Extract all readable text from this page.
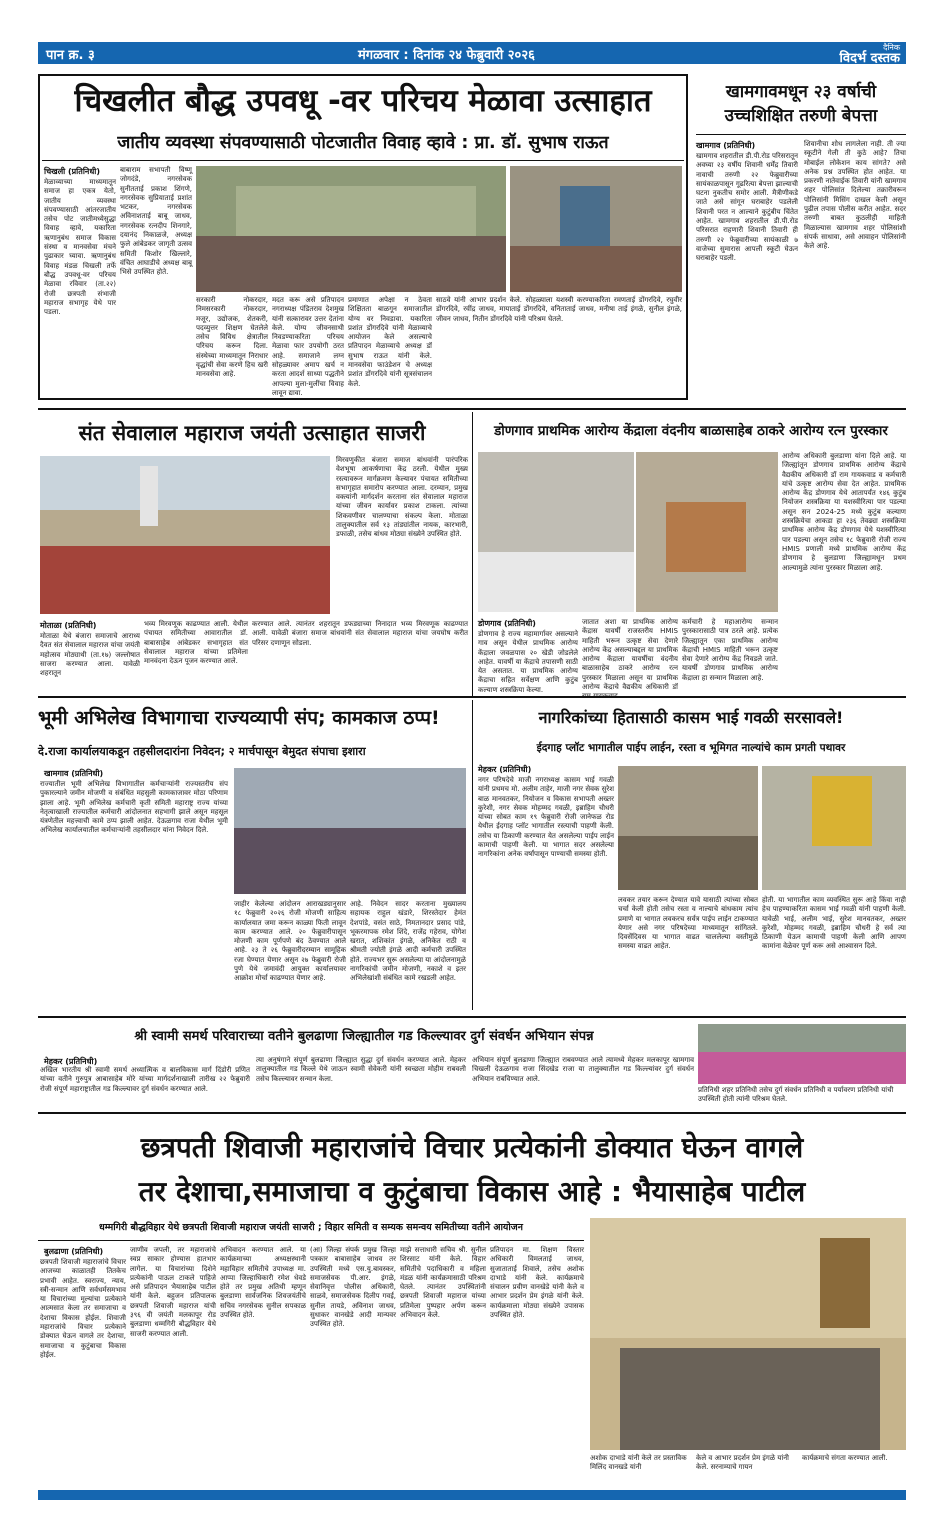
पान क्र. ३	मंगळवार : दिनांक २४ फेब्रुवारी २०२६
दैनिक
विदर्भ दस्तक
चिखलीत बौद्ध उपवधू -वर परिचय मेळावा उत्साहात
जातीय व्यवस्था संपवण्यासाठी पोटजातीत विवाह व्हावे : प्रा. डॉ. सुभाष राऊत
चिखली (प्रतिनिधी)
मेळाव्याच्या माध्यमातून समाज हा एकत्र येतो, जातीय व्यवस्था संपवण्यासाठी आंतरजातीय तसेच पोट जातीमध्येसुद्धा विवाह व्हावे, यकारिता ऋणानुबंध समाज विकास संस्था व मानवसेवा मंचने पुढाकार घ्यावा. ऋणानुबंध विवाह मंडळ चिखली तर्फे बौद्ध उपवधू-वर परिचय मेळावा रविवार (ता.२२) रोजी छत्रपती संभाजी महाराज सभागृह येथे पार पडला.
बाबाराम सभापती विष्णू जोगदंडे, नगरसेवक सुनीतताई प्रकाश शिंगणे, नगरसेवक सुप्रियाताई प्रशांत भटकर, नगरसेवक अविनाशताई बाबू जाधव, नगरसेवक रत्नदीप शिनगारे, दयानंद निकाळजे, अध्यक्ष फुले आंबेडकर जागृती उत्सव समिती किशोर खिल्लारे, वंचित आघाडीचे अध्यक्ष बाबू भिसे उपस्थित होते.
सरकारी नोकरदार, निमसरकारी नोकरदार, मजूर, उद्योजक, शेतकरी, पदव्युत्तर शिक्षण घेतलेले तसेच विविध क्षेत्रातील परिचय करून दिला. संस्थेच्या माध्यमातून निराधार वृद्धांची सेवा करणे हिच खरी मानवसेवा आहे.
मदत करू असे प्रतिपादन नगराध्यक्ष पंडितराव देशमुख यांनी सत्कारावर उत्तर देतांना केले. योग्य जीवनसाथी निवडण्याकरिता परिचय मेळावा फार उपयोगी ठरत आहे. समाजाने लग्न सोहळ्यावर अमाप खर्च न करता आदर्श साध्या पद्धतीने आपल्या मुला-मुलींचा विवाह लावून द्यावा.
प्रमाणात अपेक्षा न ठेवता शिक्षितता बाळगून समाजातील योग्य वर निवडावा. यकारिता प्रशांत डोंगरदिवे यांनी मेळाव्याचे आयोजन केले असल्याचे प्रतिपादन मेळाव्याचे अध्यक्ष डॉ सुभाष राऊत यांनी केले. मानवसेवा फाउंडेशन चे अध्यक्ष प्रशांत डोंगरदिवे यांनी सूत्रसंचालन केले.
साठवे यांनी आभार प्रदर्शन केले. सोहळ्याला यशस्वी करण्याकरिता रमणताई डोंगरदिवे, रघुवीर डोंगरदिवे, रवींद्र जाधव, मायाताई डोंगरदिवे, वनिताताई जाधव, मनीषा ताई इंगळे, सुनील इंगळे, जीवन जाधव, नितीन डोंगरदिवे यांनी परिश्रम घेतले.
खामगावमधून २३ वर्षाची उच्चशिक्षित तरुणी बेपत्ता
खामगाव (प्रतिनिधी)
खामगाव शहरातील डी.पी.रोड परिसरातून अवघ्या २३ वर्षीय शिवानी धर्मेंद्र तिवारी नावाची तरुणी २२ फेब्रुवारीच्या सायंकाळपासून गूढरित्या बेपत्ता झाल्याची घटना नुकतीच समोर आली. मैत्रीणीकडे जाते असे सांगून घराबाहेर पडलेली शिवानी परत न आल्याने कुटुंबीय चिंतेत आहेत. खामगाव शहरातील डी.पी.रोड परिसरात राहणारी शिवानी तिवारी ही तरुणी २२ फेब्रुवारीच्या सायंकाळी ७ वाजेच्या सुमारास आपली स्कूटी घेऊन घराबाहेर पडली.
शिवानीचा शोध लागलेला नाही. ती ज्या स्कूटीने गेली ती कुठे आहे? तिचा मोबाईल लोकेशन काय सांगते? असे अनेक प्रश्न उपस्थित होत आहेत. या प्रकरणी नातेवाईक तिवारी यांनी खामगाव शहर पोलिसांत दिलेल्या तक्रारीवरून पोलिसांनी मिसिंग दाखल केली असून पुढील तपास पोलीस करीत आहेत. सदर तरुणी बाबत कुठलीही माहिती मिळाल्यास खामगाव शहर पोलिसांशी संपर्क साधावा, असे आवाहन पोलिसांनी केले आहे.
संत सेवालाल महाराज जयंती उत्साहात साजरी
मिरवणुकीत बंजारा समाज बांधवांनी पारंपरिक वेशभूषा आकर्षणाचा केंद्र ठरली. येथील मुख्य रस्त्यावरून मार्गक्रमण केल्यावर पंचायत समितीच्या सभागृहात समारोप करण्यात आला. दरम्यान, प्रमुख वक्त्यांनी मार्गदर्शन करताना संत सेवालाल महाराज यांच्या जीवन कार्यावर प्रकाश टाकला. त्यांच्या शिकवणीवर चालण्याचा संकल्प केला. मोताळा तालुक्यातील सर्व १३ तांड्यांतील नायक, कारभारी, डफाळी, तसेच बांधव मोठ्या संख्येने उपस्थित होते.
मोताळा (प्रतिनिधी)
मोताळा येथे बंजारा समाजाचे आराध्य दैवत संत सेवालाल महाराज यांचा जयंती महोत्सव मोठ्याथी (ता.१७) जल्लोषात साजरा करण्यात आला. यावेळी शहरातून
भव्य मिरवणूक काढण्यात आली. येथील पंचायत समितीच्या आवारातील डॉ. बाबासाहेब आंबेडकर सभागृहात संत सेवालाल महाराज यांच्या प्रतिमेला मानवंदना देऊन पूजन करण्यात आले.
करण्यात आले. त्यानंतर शहरातून डफड्याच्या निनादात भव्य मिरवणूक काढण्यात आली. यावेळी बंजारा समाज बांधवांनी संत सेवालाल महाराज यांचा जयघोष करीत परिसर दणाणून सोडला.
डोणगाव प्राथमिक आरोग्य केंद्राला वंदनीय बाळासाहेब ठाकरे आरोग्य रत्न पुरस्कार
आरोग्य अधिकारी बुलडाणा यांना दिले आहे. या जिल्ह्यांतून डोणगाव प्राथमिक आरोग्य केंद्राचे वैद्यकीय अधिकारी डॉ राम गायकवाड व कर्मचारी यांचे उत्कृष्ट आरोग्य सेवा देत आहेत. प्राथमिक आरोग्य केंद्र डोणगाव येथे आतापर्यंत १४६ कुटुंब नियोजन शस्त्रक्रिया या यशस्वीरित्या पार पडल्या असून सन 2024-25 मध्ये कुटुंब कल्याण शस्त्रक्रियेचा आकडा हा २३६ तेवढ्या शस्त्रक्रिया प्राथमिक आरोग्य केंद्र डोणगाव येथे यशस्वीरित्या पार पडल्या असून तसेच १८ फेब्रुवारी रोजी राज्य HMIS प्रणाली मध्ये प्राथमिक आरोग्य केंद्र डोणगाव हे बुलडाणा जिल्ह्यामधून प्रथम आल्यामुळे त्यांना पुरस्कार मिळाला आहे.
डोणगाव (प्रतिनिधी)
डोणगाव हे राज्य महामार्गावर असल्याने गाव असून येथील प्राथमिक आरोग्य केंद्राला जवळपास २० खेडी जोडलेले आहेत. यावर्षी या केंद्राचे तपासणी साठी येत असतात. या प्राथमिक आरोग्य केंद्राचा सहित सर्वेक्षण आणि कुटुंब कल्याण शस्त्रक्रिया केल्या.
जातात अशा या प्राथमिक आरोग्य केंद्रास यावर्षी राजस्तरीय HMIS माहिती भरून उत्कृष्ट सेवा देणारे आरोग्य केंद्र असल्याबद्दल या प्राथमिक आरोग्य केंद्राला यावर्षीचा वंदनीय बाळासाहेब ठाकरे आरोग्य रत्न पुरस्कार मिळाला असून या प्राथमिक आरोग्य केंद्राचे वैद्यकीय अधिकारी डॉ
कर्मचारी हे महाआरोग्य सन्मान पुरस्कारासाठी पात्र ठरले आहे. प्रत्येक जिल्ह्यातून एका प्राथमिक आरोग्य केंद्राची HMIS माहिती भरून उत्कृष्ट सेवा देणारे आरोग्य केंद्र निवडले जाते. यावर्षी डोणगाव प्राथमिक आरोग्य केंद्राला हा सन्मान मिळाला आहे.
भूमी अभिलेख विभागाचा राज्यव्यापी संप; कामकाज ठप्प!
दे.राजा कार्यालयाकडून तहसीलदारांना निवेदन; २ मार्चपासून बेमुदत संपाचा इशारा
खामगाव (प्रतिनिधी)
राज्यातील भूमी अभिलेख विभागातील कर्मचाऱ्यांनी राज्यस्तरीय संप पुकारल्याने जमीन मोजणी व संबंधित महसुली कामकाजावर मोठा परिणाम झाला आहे. भूमी अभिलेख कर्मचारी कृती समिती महाराष्ट्र राज्य यांच्या नेतृत्वाखाली राज्यातील कर्मचारी आंदोलनात सहभागी झाले असून महसूल यंत्रणेतील महत्त्वाची कामे ठप्प झाली आहेत. देऊळगाव राजा येथील भूमी अभिलेख कार्यालयातील कर्मचाऱ्यांनी तहसीलदार यांना निवेदन दिले.
जाहीर केलेल्या आंदोलन आराखड्यानुसार १८ फेब्रुवारी २०२६ रोजी मोजणी साहित्य कार्यालयात जमा करून काळ्या फिती लावून काम करण्यात आले. २० फेब्रुवारीपासून मोजणी काम पूर्णपणे बंद ठेवण्यात आले आहे. २३ ते २६ फेब्रुवारीदरम्यान सामूहिक रजा घेण्यात येणार असून २७ फेब्रुवारी रोजी पुणे येथे जमावंदी आयुक्त कार्यालयावर आक्रोश मोर्चा काढण्यात येणार आहे.
आहे. निवेदन सादर करताना मुख्यालय सहायक राहुल खंडारे, शिरस्तेदार हेमंत देशपांडे, वसंत साठे, निमतानदार प्रसाद पांडे, भूकरमापक रमेश शिंदे, राजेंद्र गहेराव, योगेश खरात, शशिकांत इंगळे, अनिकेत राठी व श्रीमती ज्योती इंगळे आदी कर्मचारी उपस्थित होते. राज्यभर सुरू असलेल्या या आंदोलनामुळे नागरिकांची जमीन मोजणी, नकाशे व इतर अभिलेखांशी संबंधित कामे रखडली आहेत.
नागरिकांच्या हितासाठी कासम भाई गवळी सरसावले!
ईदगाह प्लॉट भागातील पाईप लाईन, रस्ता व भूमिगत नाल्यांचे काम प्रगती पथावर
मेहकर (प्रतिनिधी)
नगर परिषदेचे माजी नगराध्यक्ष कासम भाई गवळी यांनी प्रथमच मो. अलीम ताहेर, माजी नगर सेवक सुरेश बाळ मानवतकर, नियोजन व विकास सभापती अख्तर कुरेशी, नगर सेवक मोहम्मद गवळी, इब्राहिम चौधरी यांच्या सोबत काम १९ फेब्रुवारी रोजी जानेफळ रोड येथील ईदगाह प्लॉट भागातील रस्त्याची पाहणी केली. तसेच या ठिकाणी करण्यात येत असलेल्या पाईप लाईन कामाची पाहणी केली. या भागात सदर असलेल्या नागरिकांना अनेक वर्षांपासून पाण्याची समस्या होती.
लवकर तयार करून देण्यात यावे यासाठी त्यांच्या सोबत चर्चा केली होती तसेच रस्ता व नाल्याचे बांधकाम त्यांच प्रमाणे या भागात लवकरच सर्वत्र पाईप लाईन टाकण्यात येणार असे नगर परिषदेच्या माध्यमातून सांगितले. दिवसेंदिवस या भागात वाढत चाललेल्या वस्तीमुळे समस्या वाढत आहेत.
होती. या भागातील काम व्यवस्थित सुरू आहे किंवा नाही हेच पाहण्याकरिता कासम भाई गवळी यांनी पाहणी केली. यावेळी भाई, अलीम भाई, सुरेश मानवतकर, अख्तर कुरेशी, मोहम्मद गवळी, इब्राहिम चौधरी हे सर्व त्या ठिकाणी येऊन कामाची पाहणी केली आणि आपण कामांना वेळेवर पूर्ण करू असे आश्वासन दिले.
श्री स्वामी समर्थ परिवाराच्या वतीने बुलढाणा जिल्ह्यातील गड किल्ल्यावर दुर्ग संवर्धन अभियान संपन्न
मेहकर (प्रतिनिधी)
अखिल भारतीय श्री स्वामी समर्थ अध्यात्मिक व बालविकास मार्ग दिंडोरी प्रणित यांच्या वतीने गुरुपुत्र आबासाहेब मोरे यांच्या मार्गदर्शनाखाली तारीख २२ फेब्रुवारी रोजी संपूर्ण महाराष्ट्रातील गड किल्ल्यावर दुर्ग संवर्धन करण्यात आले.
त्या अनुषंगाने संपूर्ण बुलढाणा जिल्ह्यात सुद्धा दुर्ग संवर्धन करण्यात आले. मेहकर तालुक्यातील गड किल्ले येथे जाऊन स्वामी सेवेकरी यांनी स्वच्छता मोहीम राबवली तसेच किल्ल्यावर सन्मान केला.
अभियान संपूर्ण बुलढाणा जिल्ह्यात राबवण्यात आले त्यामध्ये मेहकर मलकापूर खामगाव चिखली देऊळगाव राजा सिंदखेड राजा या तालुक्यातील गड किल्ल्यांवर दुर्ग संवर्धन अभियान राबविण्यात आले.
प्रतिनिधी शहर प्रतिनिधी तसेच दुर्ग संवर्धन प्रतिनिधी व पर्यावरण प्रतिनिधी यांची उपस्थिती होती त्यांनी परिश्रम घेतले.
छत्रपती शिवाजी महाराजांचे विचार प्रत्येकांनी डोक्यात घेऊन वागले
तर देशाचा,समाजाचा व कुटुंबाचा विकास आहे : भैयासाहेब पाटील
धम्मगिरी बौद्धविहार येथे छत्रपती शिवाजी महाराज जयंती साजरी ; विहार समिती व सम्यक समन्वय समितीच्या वतीने आयोजन
बुलढाणा (प्रतिनिधी)
छत्रपती शिवाजी महाराजांचे विचार आजच्या काळातही तितकेच प्रभावी आहेत. स्वराज्य, न्याय, स्त्री-सन्मान आणि सर्वधर्मसमभाव या विचारांच्या मूल्यांचा प्रत्येकाने आत्मसात केला तर समाजाचा व देशाचा विकास होईल. शिवाजी महाराजांचे विचार प्रत्येकाने डोक्यात घेऊन वागले तर देशाचा, समाजाचा व कुटुंबाचा विकास होईल.
जाणीव जपली, तर महाराजांचे स्वप्न साकार होण्यास हातभार लागेल. या विचारांच्या दिशेने प्रत्येकांनी पाऊल टाकले पाहिजे असे प्रतिपादन भैयासाहेब पाटील यांनी केले. बहुजन प्रतिपालक छत्रपती शिवाजी महाराज यांची ३९६ वी जयंती मलकापूर रोड बुलडाणा धम्मगिरी बौद्धविहार येथे साजरी करण्यात आली.
अभिवादन करण्यात आले. या कार्यक्रमाच्या अध्यक्षस्थानी महाविहार समितीचे उपाध्यक्ष मा. आप्पा जिल्हाधिकारी रमेश धेवडे होते तर प्रमुख अतिथी म्हणून बुलडाणा सार्वजनिक शिवजयंतीचे सचिव नगरसेवक सुनील सपकाळ उपस्थित होते.
(आ) जिल्हा संपर्क प्रमुख जिल्हा पत्रकार बाबासाहेब जाधव तर उपस्थिती मध्ये एस.यु.बावस्कर, समाजसेवक पी.आर. इंगळे, सेवानिवृत्त पोलीस अधिकारी, साळवे, समाजसेवक दिलीप गवई, सुनील तायडे, अविनाश जाधव, सुधाकर वानखेडे आदी मान्यवर उपस्थित होते.
माझे सत्ताधारी सचिव श्री. सुनील शिरसाट यांनी केले. विहार समितीचे पदाधिकारी व महिला मंडळ यांनी कार्यक्रमासाठी परिश्रम घेतले. त्यानंतर उपस्थितांनी छत्रपती शिवाजी महाराज यांच्या प्रतिमेला पुष्पहार अर्पण करून अभिवादन केले.
प्रतिपादन मा. शिक्षण विस्तार अधिकारी विमलताई जाधव, सुजाताताई शिवाले, तसेच अशोक दाभाडे यांनी केले. कार्यक्रमाचे संचालन प्रवीण वानखेडे यांनी केले व आभार प्रदर्शन प्रेम इंगळे यांनी केले. कार्यक्रमाला मोठ्या संख्येने उपासक उपस्थित होते.
अशोक दाभाडे यांनी केले तर प्रस्ताविक मिलिंद वानखडे यांनी
केले व आभार प्रदर्शन प्रेम इंगळे यांनी केले. सरनाम्याचे गायन
कार्यक्रमाचे संगता करण्यात आली.
